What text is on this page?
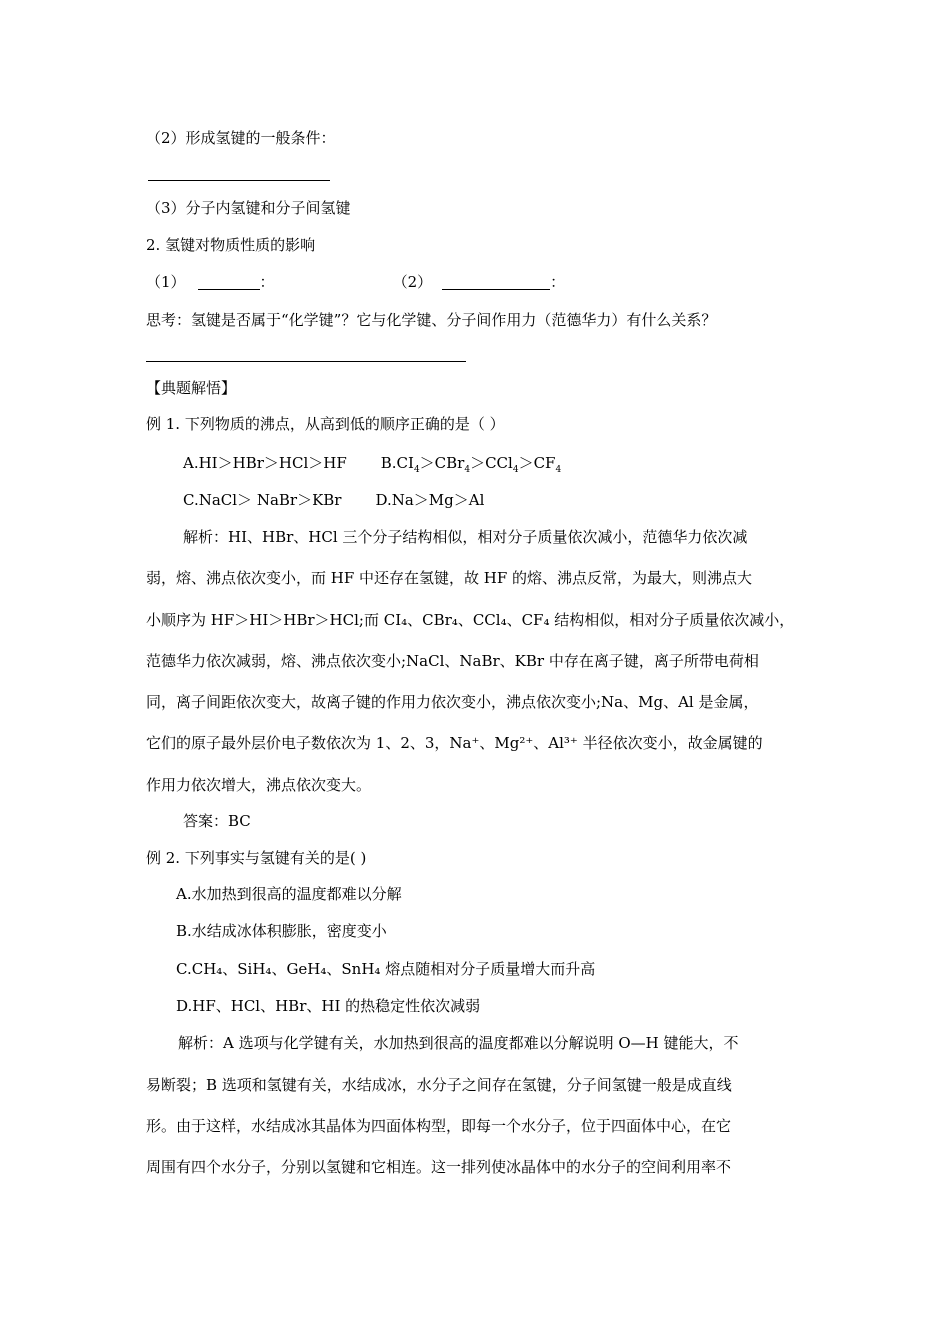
（2）形成氢键的一般条件：
（3）分子内氢键和分子间氢键
2. 氢键对物质性质的影响
（1）	：	（2）	：
思考：氢键是否属于“化学键”？它与化学键、分子间作用力（范德华力）有什么关系？
【典题解悟】
例 1. 下列物质的沸点，从高到低的顺序正确的是（ ）
A.HI＞HBr＞HCl＞HF $B.CI_4>CBr_4>CCl_4>CF_4$
C.NaCl＞ NaBr＞KBr D.Na＞Mg＞Al
解析：HI、HBr、HCl 三个分子结构相似，相对分子质量依次减小，范德华力依次减
弱，熔、沸点依次变小，而 HF 中还存在氢键，故 HF 的熔、沸点反常，为最大，则沸点大
小顺序为 HF＞HI＞HBr＞HCl;而 CI₄、CBr₄、CCl₄、CF₄ 结构相似，相对分子质量依次减小，
范德华力依次减弱，熔、沸点依次变小;NaCl、NaBr、KBr 中存在离子键，离子所带电荷相
同，离子间距依次变大，故离子键的作用力依次变小，沸点依次变小;Na、Mg、Al 是金属，
它们的原子最外层价电子数依次为 1、2、3，Na⁺、Mg²⁺、Al³⁺ 半径依次变小，故金属键的
作用力依次增大，沸点依次变大。
答案：BC
例 2. 下列事实与氢键有关的是( )
A.水加热到很高的温度都难以分解
B.水结成冰体积膨胀，密度变小
C.CH₄、SiH₄、GeH₄、SnH₄ 熔点随相对分子质量增大而升高
D.HF、HCl、HBr、HI 的热稳定性依次减弱
解析：A 选项与化学键有关，水加热到很高的温度都难以分解说明 O—H 键能大，不
易断裂；B 选项和氢键有关，水结成冰，水分子之间存在氢键，分子间氢键一般是成直线
形。由于这样，水结成冰其晶体为四面体构型，即每一个水分子，位于四面体中心，在它
周围有四个水分子，分别以氢键和它相连。这一排列使冰晶体中的水分子的空间利用率不
